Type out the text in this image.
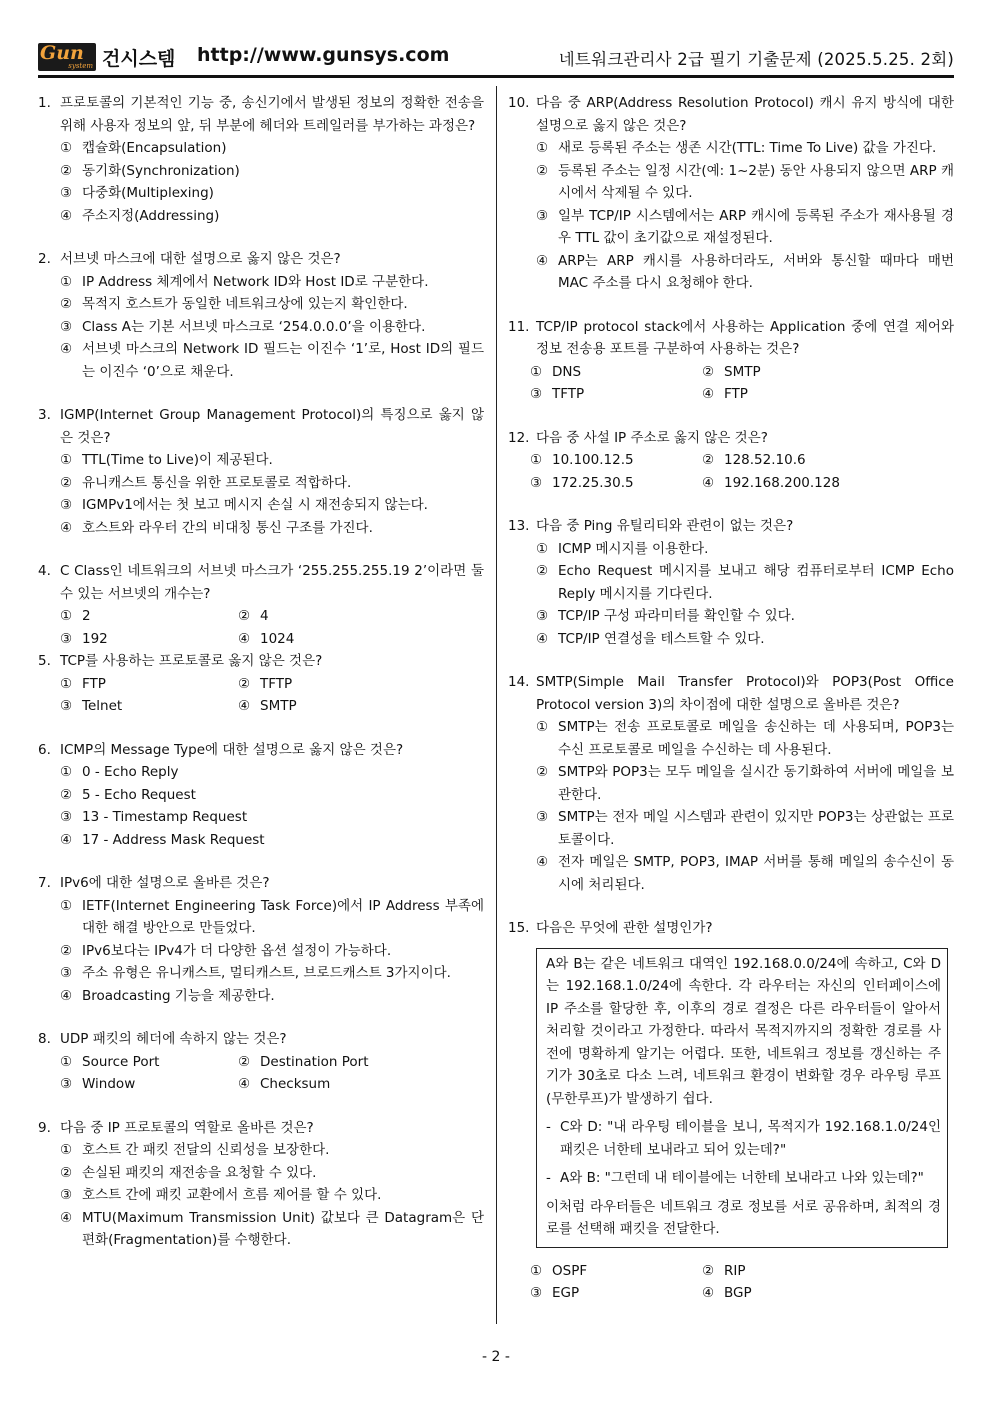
Gun
system 건시스템 http://www.gunsys.com	네트워크관리사 2급 필기 기출문제 (2025.5.25. 2회)
1. 프로토콜의 기본적인 기능 중, 송신기에서 발생된 정보의 정확한 전송을 위해 사용자 정보의 앞, 뒤 부분에 헤더와 트레일러를 부가하는 과정은?
① 캡슐화(Encapsulation)
② 동기화(Synchronization)
③ 다중화(Multiplexing)
④ 주소지정(Addressing)
2. 서브넷 마스크에 대한 설명으로 옳지 않은 것은?
① IP Address 체계에서 Network ID와 Host ID로 구분한다.
② 목적지 호스트가 동일한 네트워크상에 있는지 확인한다.
③ Class A는 기본 서브넷 마스크로 ‘254.0.0.0’을 이용한다.
④ 서브넷 마스크의 Network ID 필드는 이진수 ‘1’로, Host ID의 필드는 이진수 ‘0’으로 채운다.
3. IGMP(Internet Group Management Protocol)의 특징으로 옳지 않은 것은?
① TTL(Time to Live)이 제공된다.
② 유니캐스트 통신을 위한 프로토콜로 적합하다.
③ IGMPv1에서는 첫 보고 메시지 손실 시 재전송되지 않는다.
④ 호스트와 라우터 간의 비대칭 통신 구조를 가진다.
4. C Class인 네트워크의 서브넷 마스크가 ‘255.255.255.19 2’이라면 둘 수 있는 서브넷의 개수는?
① 2	② 4
③ 192	④ 1024
5. TCP를 사용하는 프로토콜로 옳지 않은 것은?
① FTP	② TFTP
③ Telnet	④ SMTP
6. ICMP의 Message Type에 대한 설명으로 옳지 않은 것은?
① 0 - Echo Reply
② 5 - Echo Request
③ 13 - Timestamp Request
④ 17 - Address Mask Request
7. IPv6에 대한 설명으로 올바른 것은?
① IETF(Internet Engineering Task Force)에서 IP Address 부족에 대한 해결 방안으로 만들었다.
② IPv6보다는 IPv4가 더 다양한 옵션 설정이 가능하다.
③ 주소 유형은 유니캐스트, 멀티캐스트, 브로드캐스트 3가지이다.
④ Broadcasting 기능을 제공한다.
8. UDP 패킷의 헤더에 속하지 않는 것은?
① Source Port	② Destination Port
③ Window	④ Checksum
9. 다음 중 IP 프로토콜의 역할로 올바른 것은?
① 호스트 간 패킷 전달의 신뢰성을 보장한다.
② 손실된 패킷의 재전송을 요청할 수 있다.
③ 호스트 간에 패킷 교환에서 흐름 제어를 할 수 있다.
④ MTU(Maximum Transmission Unit) 값보다 큰 Datagram은 단편화(Fragmentation)를 수행한다.
10. 다음 중 ARP(Address Resolution Protocol) 캐시 유지 방식에 대한 설명으로 옳지 않은 것은?
① 새로 등록된 주소는 생존 시간(TTL: Time To Live) 값을 가진다.
② 등록된 주소는 일정 시간(예: 1~2분) 동안 사용되지 않으면 ARP 캐시에서 삭제될 수 있다.
③ 일부 TCP/IP 시스템에서는 ARP 캐시에 등록된 주소가 재사용될 경우 TTL 값이 초기값으로 재설정된다.
④ ARP는 ARP 캐시를 사용하더라도, 서버와 통신할 때마다 매번 MAC 주소를 다시 요청해야 한다.
11. TCP/IP protocol stack에서 사용하는 Application 중에 연결 제어와 정보 전송용 포트를 구분하여 사용하는 것은?
① DNS	② SMTP
③ TFTP	④ FTP
12. 다음 중 사설 IP 주소로 옳지 않은 것은?
① 10.100.12.5	② 128.52.10.6
③ 172.25.30.5	④ 192.168.200.128
13. 다음 중 Ping 유틸리티와 관련이 없는 것은?
① ICMP 메시지를 이용한다.
② Echo Request 메시지를 보내고 해당 컴퓨터로부터 ICMP Echo Reply 메시지를 기다린다.
③ TCP/IP 구성 파라미터를 확인할 수 있다.
④ TCP/IP 연결성을 테스트할 수 있다.
14. SMTP(Simple Mail Transfer Protocol)와 POP3(Post Office Protocol version 3)의 차이점에 대한 설명으로 올바른 것은?
① SMTP는 전송 프로토콜로 메일을 송신하는 데 사용되며, POP3는 수신 프로토콜로 메일을 수신하는 데 사용된다.
② SMTP와 POP3는 모두 메일을 실시간 동기화하여 서버에 메일을 보관한다.
③ SMTP는 전자 메일 시스템과 관련이 있지만 POP3는 상관없는 프로토콜이다.
④ 전자 메일은 SMTP, POP3, IMAP 서버를 통해 메일의 송수신이 동시에 처리된다.
15. 다음은 무엇에 관한 설명인가?

A와 B는 같은 네트워크 대역인 192.168.0.0/24에 속하고, C와 D는 192.168.1.0/24에 속한다. 각 라우터는 자신의 인터페이스에 IP 주소를 할당한 후, 이후의 경로 결정은 다른 라우터들이 알아서 처리할 것이라고 가정한다. 따라서 목적지까지의 정확한 경로를 사전에 명확하게 알기는 어렵다. 또한, 네트워크 정보를 갱신하는 주기가 30초로 다소 느려, 네트워크 환경이 변화할 경우 라우팅 루프(무한루프)가 발생하기 쉽다.

- C와 D: "내 라우팅 테이블을 보니, 목적지가 192.168.1.0/24인 패킷은 너한테 보내라고 되어 있는데?"
- A와 B: "그런데 내 테이블에는 너한테 보내라고 나와 있는데?"

이처럼 라우터들은 네트워크 경로 정보를 서로 공유하며, 최적의 경로를 선택해 패킷을 전달한다.

① OSPF	② RIP
③ EGP	④ BGP
- 2 -
